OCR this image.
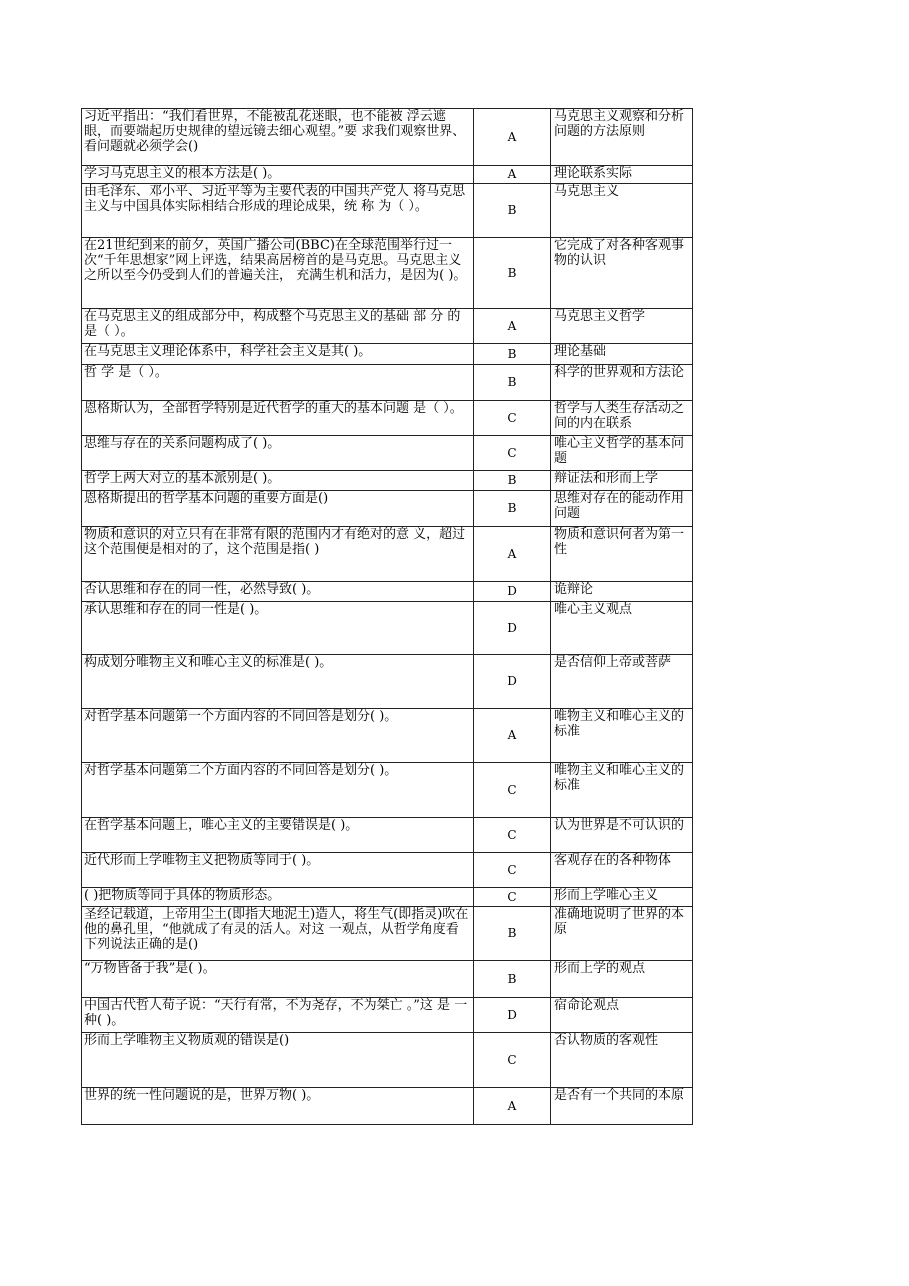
习近平指出：“我们看世界，不能被乱花迷眼，也不能被 浮云遮眼，而要端起历史规律的望远镜去细心观望。”要 求我们观察世界、看问题就必须学会()	A	马克思主义观察和分析问题的方法原则
学习马克思主义的根本方法是( )。	A	理论联系实际
由毛泽东、邓小平、习近平等为主要代表的中国共产党人 将马克思主义与中国具体实际相结合形成的理论成果，统 称 为（ ）。	B	马克思主义
在21世纪到来的前夕，英国广播公司(BBC)在全球范围举行过一次“千年思想家”网上评选，结果高居榜首的是马克思。马克思主义之所以至今仍受到人们的普遍关注， 充满生机和活力，是因为( )。	B	它完成了对各种客观事物的认识
在马克思主义的组成部分中，构成整个马克思主义的基础 部 分 的 是（ ）。	A	马克思主义哲学
在马克思主义理论体系中，科学社会主义是其( )。	B	理论基础
哲 学 是（ ）。	B	科学的世界观和方法论
恩格斯认为，全部哲学特别是近代哲学的重大的基本问题 是（ ）。	C	哲学与人类生存活动之间的内在联系
思维与存在的关系问题构成了( )。	C	唯心主义哲学的基本问题
哲学上两大对立的基本派别是( )。	B	辩证法和形而上学
恩格斯提出的哲学基本问题的重要方面是()	B	思维对存在的能动作用问题
物质和意识的对立只有在非常有限的范围内才有绝对的意 义，超过这个范围便是相对的了，这个范围是指( )	A	物质和意识何者为第一性
否认思维和存在的同一性，必然导致( )。	D	诡辩论
承认思维和存在的同一性是( )。	D	唯心主义观点
构成划分唯物主义和唯心主义的标准是( )。	D	是否信仰上帝或菩萨
对哲学基本问题第一个方面内容的不同回答是划分( )。	A	唯物主义和唯心主义的标准
对哲学基本问题第二个方面内容的不同回答是划分( )。	C	唯物主义和唯心主义的标准
在哲学基本问题上，唯心主义的主要错误是( )。	C	认为世界是不可认识的
近代形而上学唯物主义把物质等同于( )。	C	客观存在的各种物体
( )把物质等同于具体的物质形态。	C	形而上学唯心主义
圣经记载道，上帝用尘土(即指大地泥土)造人，将生气(即指灵)吹在他的鼻孔里，“他就成了有灵的活人。对这 一观点，从哲学角度看下列说法正确的是()	B	准确地说明了世界的本原
“万物皆备于我”是( )。	B	形而上学的观点
中国古代哲人荀子说：“天行有常，不为尧存，不为桀亡 。”这 是 一 种( )。	D	宿命论观点
形而上学唯物主义物质观的错误是()	C	否认物质的客观性
世界的统一性问题说的是，世界万物( )。	A	是否有一个共同的本原
